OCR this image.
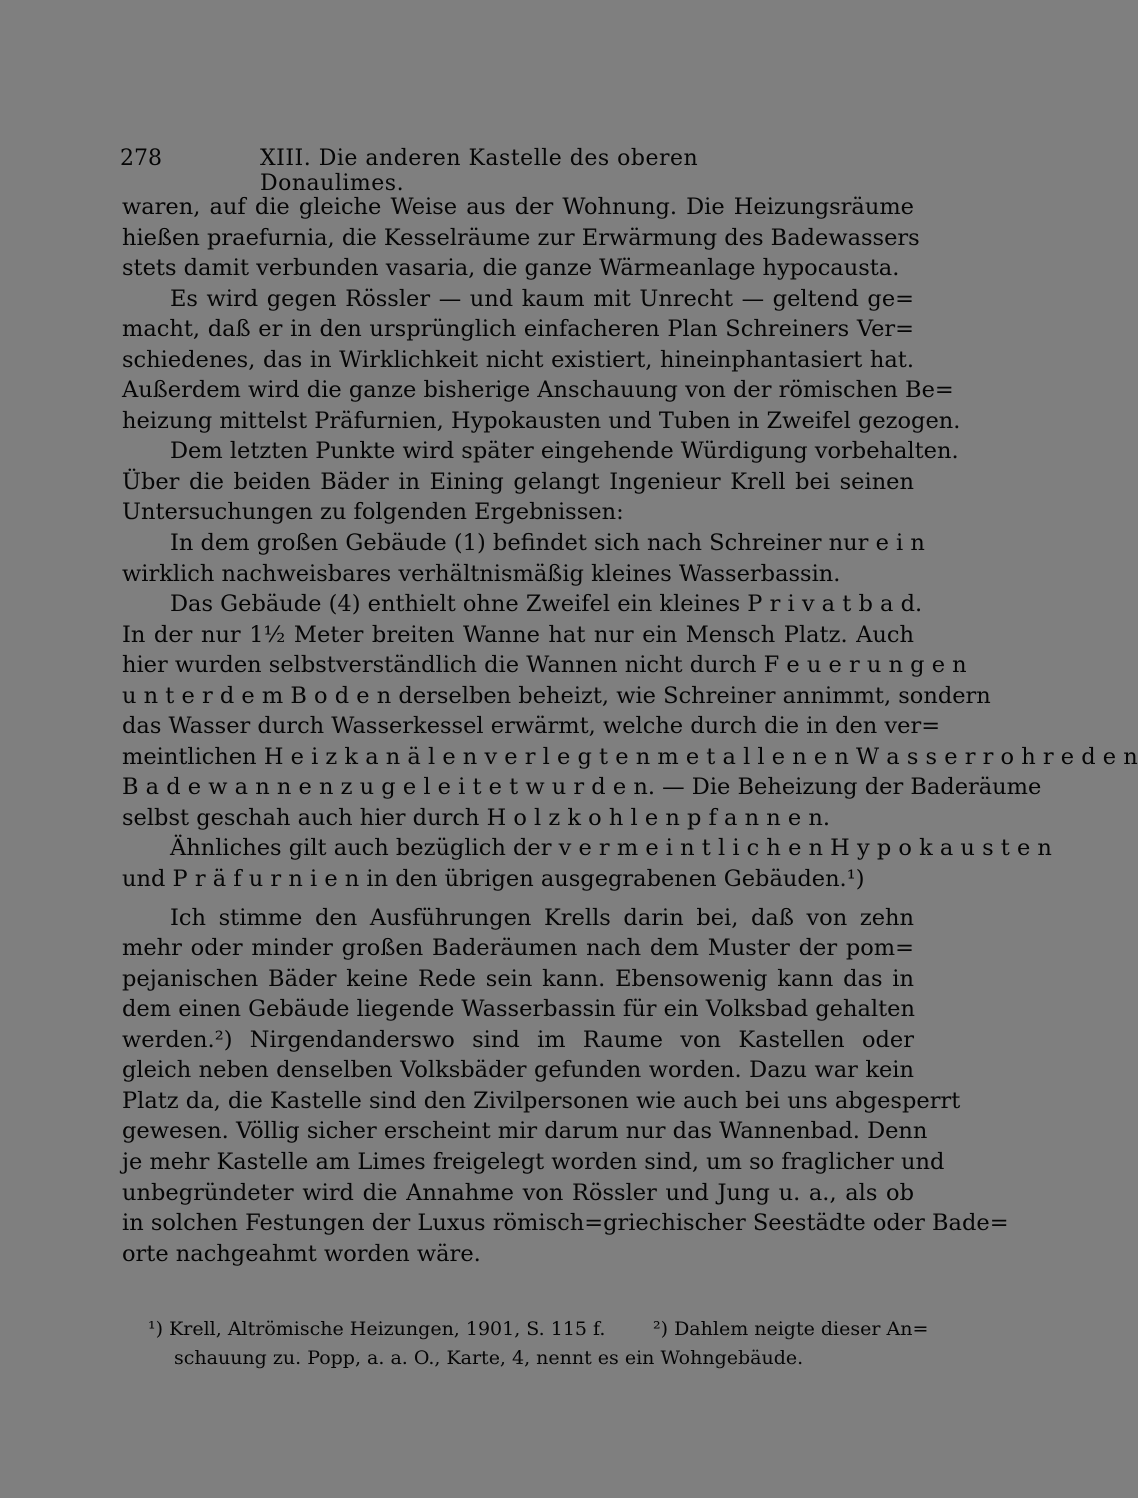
278	XIII. Die anderen Kastelle des oberen Donaulimes.
waren, auf die gleiche Weise aus der Wohnung. Die Heizungsräume
hießen praefurnia, die Kesselräume zur Erwärmung des Badewassers
stets damit verbunden vasaria, die ganze Wärmeanlage hypocausta.
Es wird gegen Rössler — und kaum mit Unrecht — geltend ge=
macht, daß er in den ursprünglich einfacheren Plan Schreiners Ver=
schiedenes, das in Wirklichkeit nicht existiert, hineinphantasiert hat.
Außerdem wird die ganze bisherige Anschauung von der römischen Be=
heizung mittelst Präfurnien, Hypokausten und Tuben in Zweifel gezogen.
Dem letzten Punkte wird später eingehende Würdigung vorbehalten.
Über die beiden Bäder in Eining gelangt Ingenieur Krell bei seinen
Untersuchungen zu folgenden Ergebnissen:
In dem großen Gebäude (1) befindet sich nach Schreiner nur e i n
wirklich nachweisbares verhältnismäßig kleines Wasserbassin.
Das Gebäude (4) enthielt ohne Zweifel ein kleines P r i v a t b a d.
In der nur 1½ Meter breiten Wanne hat nur ein Mensch Platz. Auch
hier wurden selbstverständlich die Wannen nicht durch F e u e r u n g e n
u n t e r d e m B o d e n derselben beheizt, wie Schreiner annimmt, sondern
das Wasser durch Wasserkessel erwärmt, welche durch die in den ver=
meintlichen H e i z k a n ä l e n v e r l e g t e n m e t a l l e n e n W a s s e r r o h r e d e n
B a d e w a n n e n z u g e l e i t e t w u r d e n. — Die Beheizung der Baderäume
selbst geschah auch hier durch H o l z k o h l e n p f a n n e n.
Ähnliches gilt auch bezüglich der v e r m e i n t l i c h e n H y p o k a u s t e n
und P r ä f u r n i e n in den übrigen ausgegrabenen Gebäuden.¹)
Ich stimme den Ausführungen Krells darin bei, daß von zehn
mehr oder minder großen Baderäumen nach dem Muster der pom=
pejanischen Bäder keine Rede sein kann. Ebensowenig kann das in
dem einen Gebäude liegende Wasserbassin für ein Volksbad gehalten
werden.²) Nirgendanderswo sind im Raume von Kastellen oder
gleich neben denselben Volksbäder gefunden worden. Dazu war kein
Platz da, die Kastelle sind den Zivilpersonen wie auch bei uns abgesperrt
gewesen. Völlig sicher erscheint mir darum nur das Wannenbad. Denn
je mehr Kastelle am Limes freigelegt worden sind, um so fraglicher und
unbegründeter wird die Annahme von Rössler und Jung u. a., als ob
in solchen Festungen der Luxus römisch=griechischer Seestädte oder Bade=
orte nachgeahmt worden wäre.
¹) Krell, Altrömische Heizungen, 1901, S. 115 f.	²) Dahlem neigte dieser An=
schauung zu. Popp, a. a. O., Karte, 4, nennt es ein Wohngebäude.
